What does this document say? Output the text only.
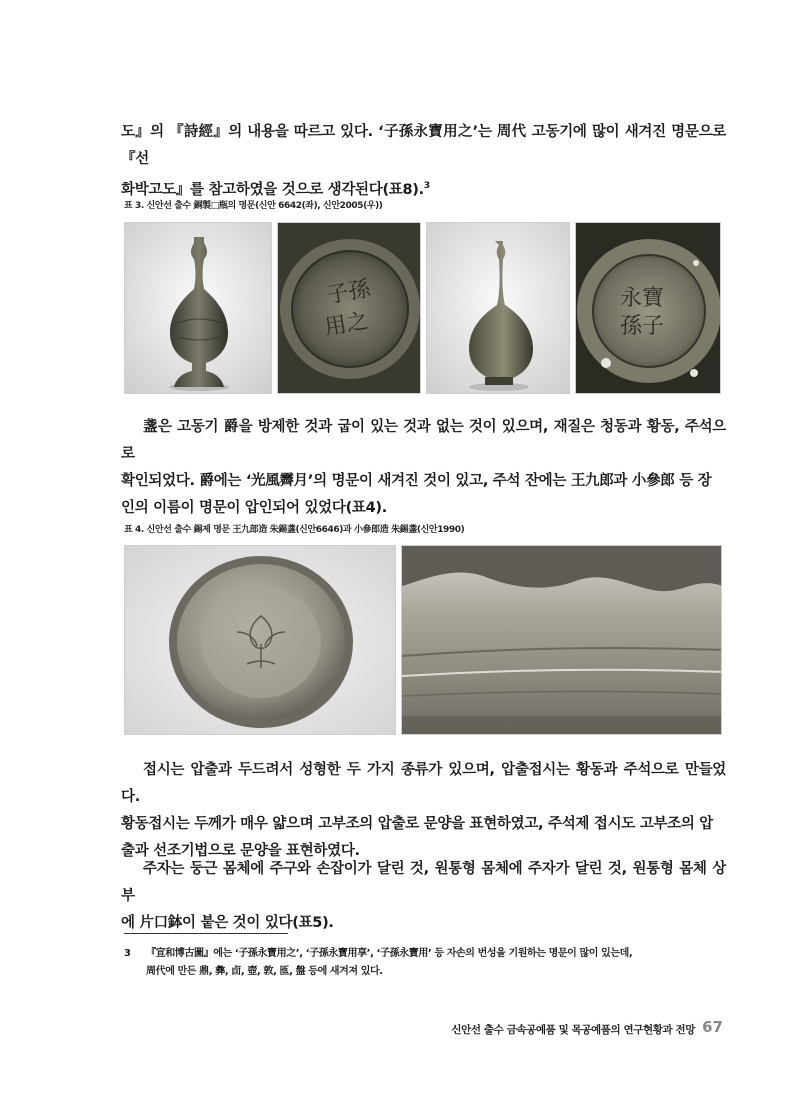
도』의 『詩經』의 내용을 따르고 있다. ‘子孫永寶用之’는 周代 고동기에 많이 새겨진 명문으로 『선

화박고도』를 참고하였을 것으로 생각된다(표8).$^3$

표 3. 신안선 출수 銅製□瓶의 명문(신안 6642(좌), 신안2005(우))
子孫
用之
永寶
孫子

盞은 고동기 爵을 방제한 것과 굽이 있는 것과 없는 것이 있으며, 재질은 청동과 황동, 주석으로

확인되었다. 爵에는 ‘光風霽月’의 명문이 새겨진 것이 있고, 주석 잔에는 王九郎과 小參郎 등 장

인의 이름이 명문이 압인되어 있었다(표4).

표 4. 신안선 출수 錫제 명문 王九郎造 朱錫盞(신안6646)과 小參郎造 朱錫盞(신안1990)

접시는 압출과 두드려서 성형한 두 가지 종류가 있으며, 압출접시는 황동과 주석으로 만들었다.

황동접시는 두께가 매우 얇으며 고부조의 압출로 문양을 표현하였고, 주석제 접시도 고부조의 압

출과 선조기법으로 문양을 표현하였다.

주자는 둥근 몸체에 주구와 손잡이가 달린 것, 원통형 몸체에 주자가 달린 것, 원통형 몸체 상부

에 片口鉢이 붙은 것이 있다(표5).

3 『宣和博古圖』에는 ‘子孫永寶用之’, ‘子孫永寶用享’, ‘子孫永寶用’ 등 자손의 번성을 기원하는 명문이 많이 있는데,
周代에 만든 鼎, 彝, 卣, 壺, 敦, 匜, 盤 등에 새겨져 있다.
신안선 출수 금속공예품 및 목공예품의 연구현황과 전망 67
